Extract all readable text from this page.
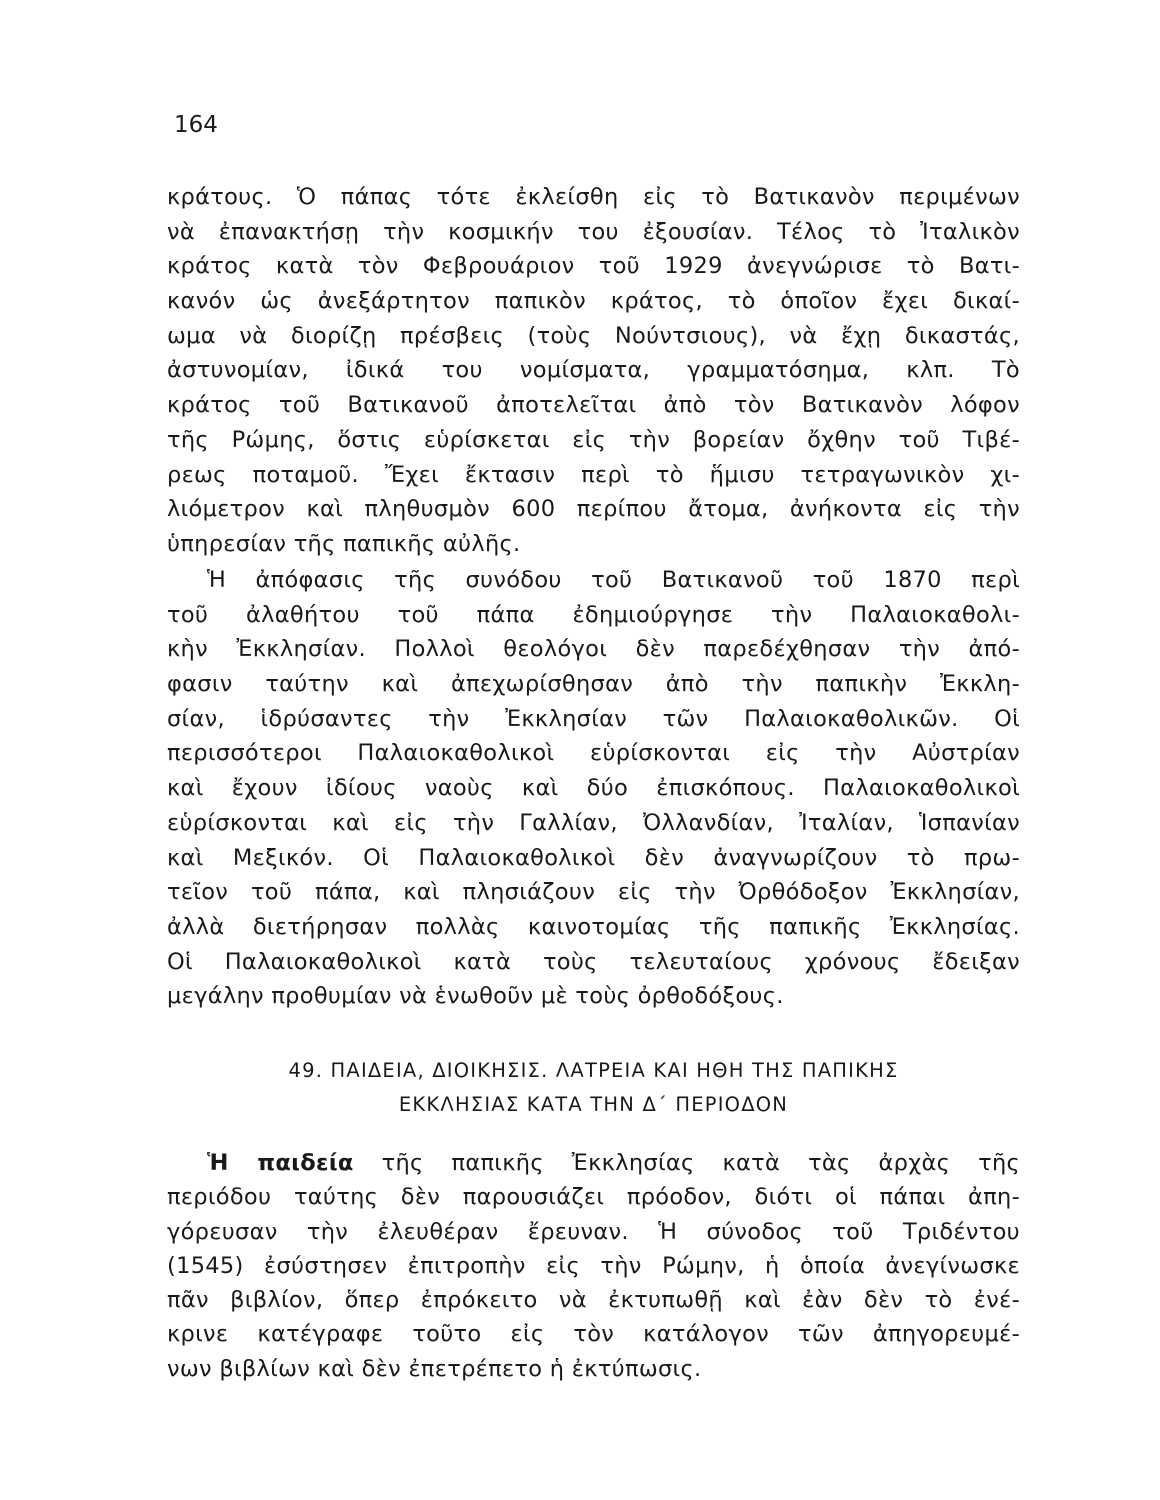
164
κράτους. Ὁ πάπας τότε ἐκλείσθη εἰς τὸ Βατικανὸν περιμένων
νὰ ἐπανακτήσῃ τὴν κοσμικήν του ἐξουσίαν. Τέλος τὸ Ἰταλικὸν
κράτος κατὰ τὸν Φεβρουάριον τοῦ 1929 ἀνεγνώρισε τὸ Βατι-
κανόν ὡς ἀνεξάρτητον παπικὸν κράτος, τὸ ὁποῖον ἔχει δικαί-
ωμα νὰ διορίζῃ πρέσβεις (τοὺς Νούντσιους), νὰ ἔχῃ δικαστάς,
ἀστυνομίαν, ἰδικά του νομίσματα, γραμματόσημα, κλπ. Τὸ
κράτος τοῦ Βατικανοῦ ἀποτελεῖται ἀπὸ τὸν Βατικανὸν λόφον
τῆς Ρώμης, ὅστις εὑρίσκεται εἰς τὴν βορείαν ὄχθην τοῦ Τιβέ-
ρεως ποταμοῦ. Ἔχει ἔκτασιν περὶ τὸ ἥμισυ τετραγωνικὸν χι-
λιόμετρον καὶ πληθυσμὸν 600 περίπου ἄτομα, ἀνήκοντα εἰς τὴν
ὑπηρεσίαν τῆς παπικῆς αὐλῆς.
Ἡ ἀπόφασις τῆς συνόδου τοῦ Βατικανοῦ τοῦ 1870 περὶ
τοῦ ἀλαθήτου τοῦ πάπα ἐδημιούργησε τὴν Παλαιοκαθολι-
κὴν Ἐκκλησίαν. Πολλοὶ θεολόγοι δὲν παρεδέχθησαν τὴν ἀπό-
φασιν ταύτην καὶ ἀπεχωρίσθησαν ἀπὸ τὴν παπικὴν Ἐκκλη-
σίαν, ἱδρύσαντες τὴν Ἐκκλησίαν τῶν Παλαιοκαθολικῶν. Οἱ
περισσότεροι Παλαιοκαθολικοὶ εὑρίσκονται εἰς τὴν Αὐστρίαν
καὶ ἔχουν ἰδίους ναοὺς καὶ δύο ἐπισκόπους. Παλαιοκαθολικοὶ
εὑρίσκονται καὶ εἰς τὴν Γαλλίαν, Ὀλλανδίαν, Ἰταλίαν, Ἱσπανίαν
καὶ Μεξικόν. Οἱ Παλαιοκαθολικοὶ δὲν ἀναγνωρίζουν τὸ πρω-
τεῖον τοῦ πάπα, καὶ πλησιάζουν εἰς τὴν Ὀρθόδοξον Ἐκκλησίαν,
ἀλλὰ διετήρησαν πολλὰς καινοτομίας τῆς παπικῆς Ἐκκλησίας.
Οἱ Παλαιοκαθολικοὶ κατὰ τοὺς τελευταίους χρόνους ἔδειξαν
μεγάλην προθυμίαν νὰ ἑνωθοῦν μὲ τοὺς ὀρθοδόξους.
49. ΠΑΙΔΕΙΑ, ΔΙΟΙΚΗΣΙΣ. ΛΑΤΡΕΙΑ ΚΑΙ ΗΘΗ ΤΗΣ ΠΑΠΙΚΗΣ
ΕΚΚΛΗΣΙΑΣ ΚΑΤΑ ΤΗΝ Δ΄ ΠΕΡΙΟΔΟΝ
Ἡ παιδεία τῆς παπικῆς Ἐκκλησίας κατὰ τὰς ἀρχὰς τῆς
περιόδου ταύτης δὲν παρουσιάζει πρόοδον, διότι οἱ πάπαι ἀπη-
γόρευσαν τὴν ἐλευθέραν ἔρευναν. Ἡ σύνοδος τοῦ Τριδέντου
(1545) ἐσύστησεν ἐπιτροπὴν εἰς τὴν Ρώμην, ἡ ὁποία ἀνεγίνωσκε
πᾶν βιβλίον, ὅπερ ἐπρόκειτο νὰ ἐκτυπωθῇ καὶ ἐὰν δὲν τὸ ἐνέ-
κρινε κατέγραφε τοῦτο εἰς τὸν κατάλογον τῶν ἀπηγορευμέ-
νων βιβλίων καὶ δὲν ἐπετρέπετο ἡ ἐκτύπωσις.
